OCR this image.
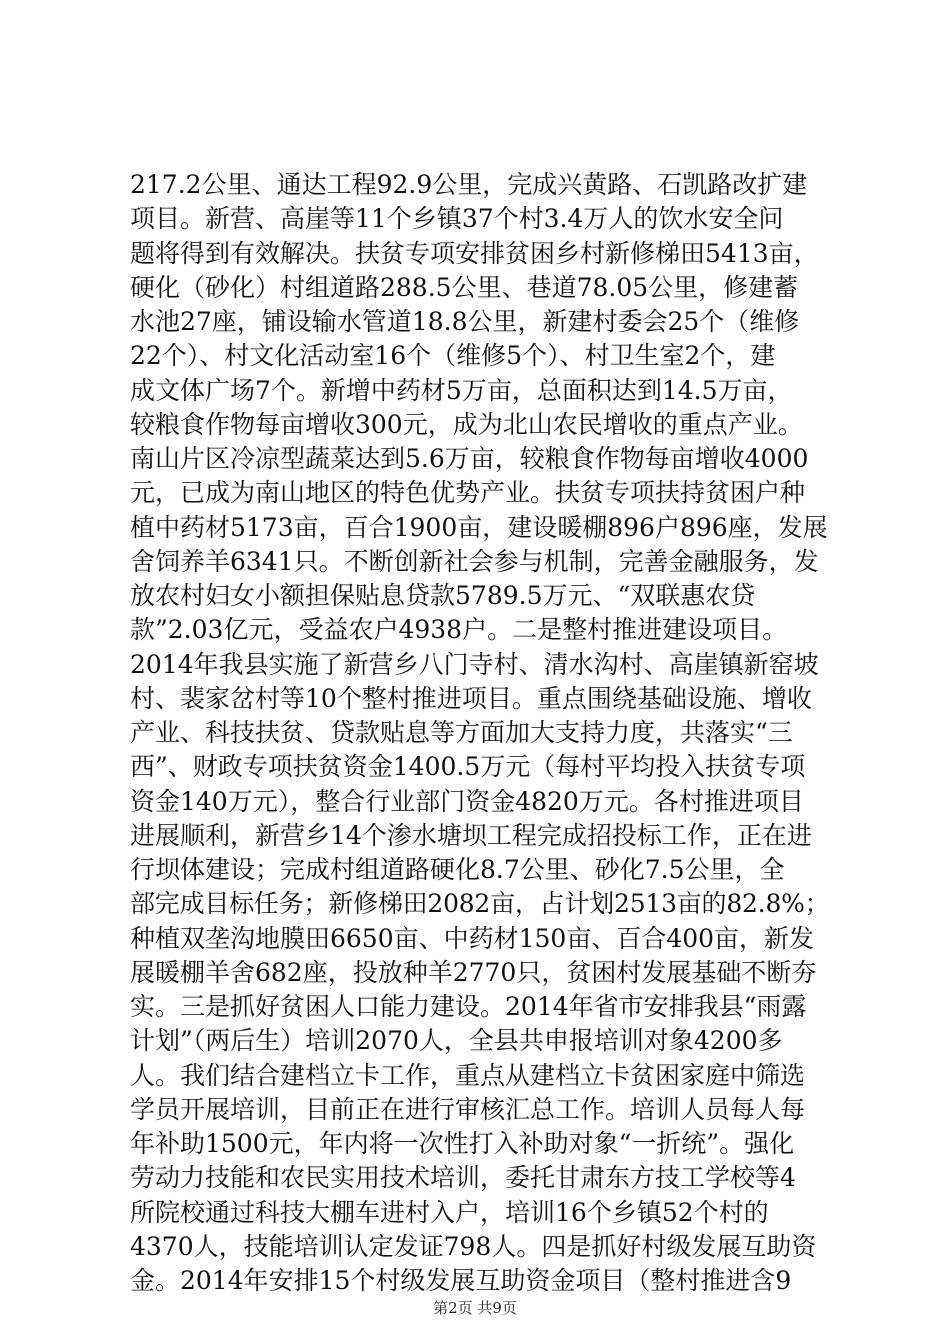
217.2公里、通达工程92.9公里，完成兴黄路、石凯路改扩建
项目。新营、高崖等11个乡镇37个村3.4万人的饮水安全问
题将得到有效解决。扶贫专项安排贫困乡村新修梯田5413亩，
硬化（砂化）村组道路288.5公里、巷道78.05公里，修建蓄
水池27座，铺设输水管道18.8公里，新建村委会25个（维修
22个）、村文化活动室16个（维修5个）、村卫生室2个，建
成文体广场7个。新增中药材5万亩，总面积达到14.5万亩，
较粮食作物每亩增收300元，成为北山农民增收的重点产业。
南山片区冷凉型蔬菜达到5.6万亩，较粮食作物每亩增收4000
元，已成为南山地区的特色优势产业。扶贫专项扶持贫困户种
植中药材5173亩，百合1900亩，建设暖棚896户896座，发展
舍饲养羊6341只。不断创新社会参与机制，完善金融服务，发
放农村妇女小额担保贴息贷款5789.5万元、“双联惠农贷
款”2.03亿元，受益农户4938户。二是整村推进建设项目。
2014年我县实施了新营乡八门寺村、清水沟村、高崖镇新窑坡
村、裴家岔村等10个整村推进项目。重点围绕基础设施、增收
产业、科技扶贫、贷款贴息等方面加大支持力度，共落实“三
西”、财政专项扶贫资金1400.5万元（每村平均投入扶贫专项
资金140万元），整合行业部门资金4820万元。各村推进项目
进展顺利，新营乡14个渗水塘坝工程完成招投标工作，正在进
行坝体建设；完成村组道路硬化8.7公里、砂化7.5公里，全
部完成目标任务；新修梯田2082亩，占计划2513亩的82.8%；
种植双垄沟地膜田6650亩、中药材150亩、百合400亩，新发
展暖棚羊舍682座，投放种羊2770只，贫困村发展基础不断夯
实。三是抓好贫困人口能力建设。2014年省市安排我县“雨露
计划”（两后生）培训2070人，全县共申报培训对象4200多
人。我们结合建档立卡工作，重点从建档立卡贫困家庭中筛选
学员开展培训，目前正在进行审核汇总工作。培训人员每人每
年补助1500元，年内将一次性打入补助对象“一折统”。强化
劳动力技能和农民实用技术培训，委托甘肃东方技工学校等4
所院校通过科技大棚车进村入户，培训16个乡镇52个村的
4370人，技能培训认定发证798人。四是抓好村级发展互助资
金。2014年安排15个村级发展互助资金项目（整村推进含9
第2页 共9页
